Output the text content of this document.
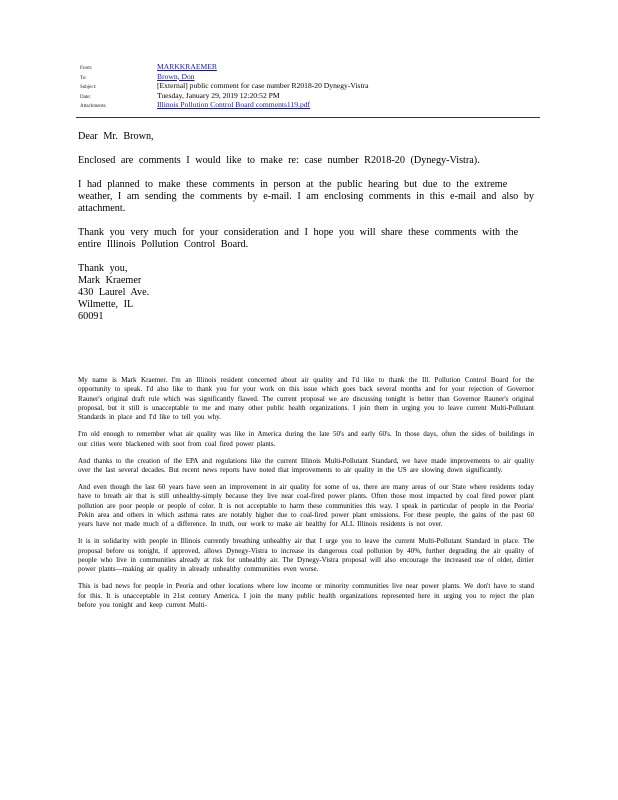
From:	MARKKRAEMER
To:	Brown, Don
Subject:	[External] public comment for case number R2018-20 Dynegy-Vistra
Date:	Tuesday, January 29, 2019 12:20:52 PM
Attachments:	Illinois Pollution Control Board comments119.pdf

Dear Mr. Brown,

Enclosed are comments I would like to make re: case number R2018-20 (Dynegy-Vistra).

I had planned to make these comments in person at the public hearing but due to the extreme weather, I am sending the comments by e-mail. I am enclosing comments in this e-mail and also by attachment.

Thank you very much for your consideration and I hope you will share these comments with the entire Illinois Pollution Control Board.

Thank you,

Mark Kraemer

430 Laurel Ave.

Wilmette, IL

60091

My name is Mark Kraemer. I'm an Illinois resident concerned about air quality and I'd like to thank the Ill. Pollution Control Board for the opportunity to speak. I'd also like to thank you for your work on this issue which goes back several months and for your rejection of Governor Rauner's original draft rule which was significantly flawed. The current proposal we are discussing tonight is better than Governor Rauner's original proposal, but it still is unacceptable to me and many other public health organizations. I join them in urging you to leave current Multi-Pollutant Standards in place and I'd like to tell you why.

I'm old enough to remember what air quality was like in America during the late 50's and early 60's. In those days, often the sides of buildings in our cities were blackened with soot from coal fired power plants.

And thanks to the creation of the EPA and regulations like the current Illinois Multi-Pollutant Standard, we have made improvements to air quality over the last several decades. But recent news reports have noted that improvements to air quality in the US are slowing down significantly.

And even though the last 60 years have seen an improvement in air quality for some of us, there are many areas of our State where residents today have to breath air that is still unhealthy-simply because they live near coal-fired power plants. Often those most impacted by coal fired power plant pollution are poor people or people of color. It is not acceptable to harm these communities this way. I speak in particular of people in the Peoria/ Pekin area and others in which asthma rates are notably higher due to coal-fired power plant emissions. For these people, the gains of the past 60 years have not made much of a difference. In truth, our work to make air healthy for ALL Illinois residents is not over.

It is in solidarity with people in Illinois currently breathing unhealthy air that I urge you to leave the current Multi-Pollutant Standard in place. The proposal before us tonight, if approved, allows Dynegy-Vistra to increase its dangerous coal pollution by 40%, further degrading the air quality of people who live in communities already at risk for unhealthy air. The Dynegy-Vistra proposal will also encourage the increased use of older, dirtier power plants—making air quality in already unhealthy communities even worse.

This is bad news for people in Peoria and other locations where low income or minority communities live near power plants. We don't have to stand for this. It is unacceptable in 21st century America. I join the many public health organizations represented here in urging you to reject the plan before you tonight and keep current Multi-
